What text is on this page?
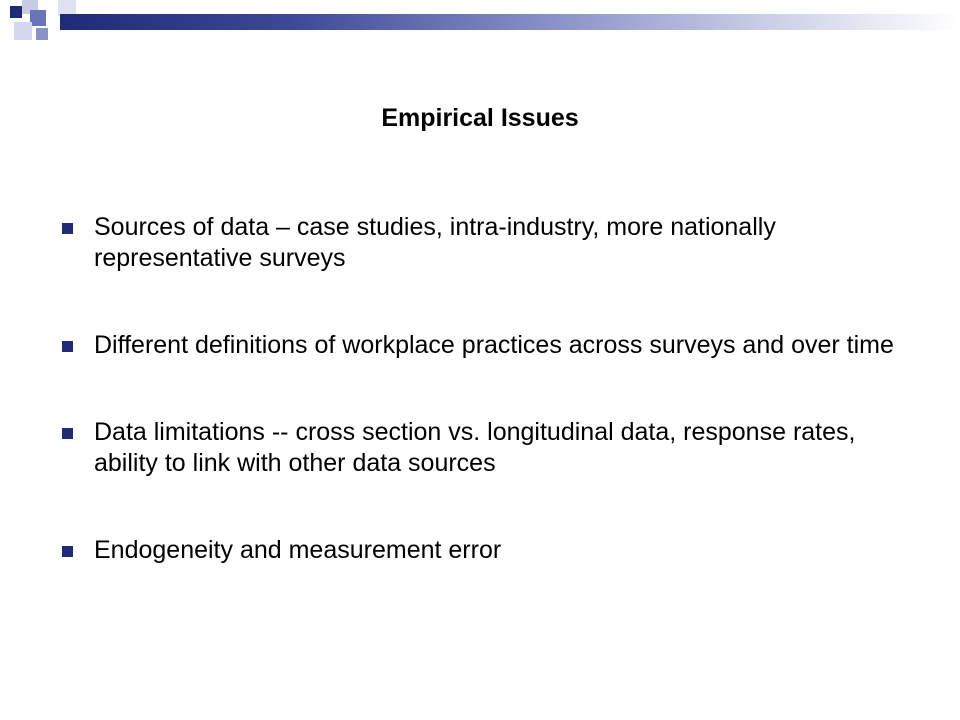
Empirical Issues
Sources of data – case studies, intra-industry, more nationally representative surveys
Different definitions of workplace practices across surveys and over time
Data limitations -- cross section vs. longitudinal data, response rates, ability to link with other data sources
Endogeneity and measurement error
